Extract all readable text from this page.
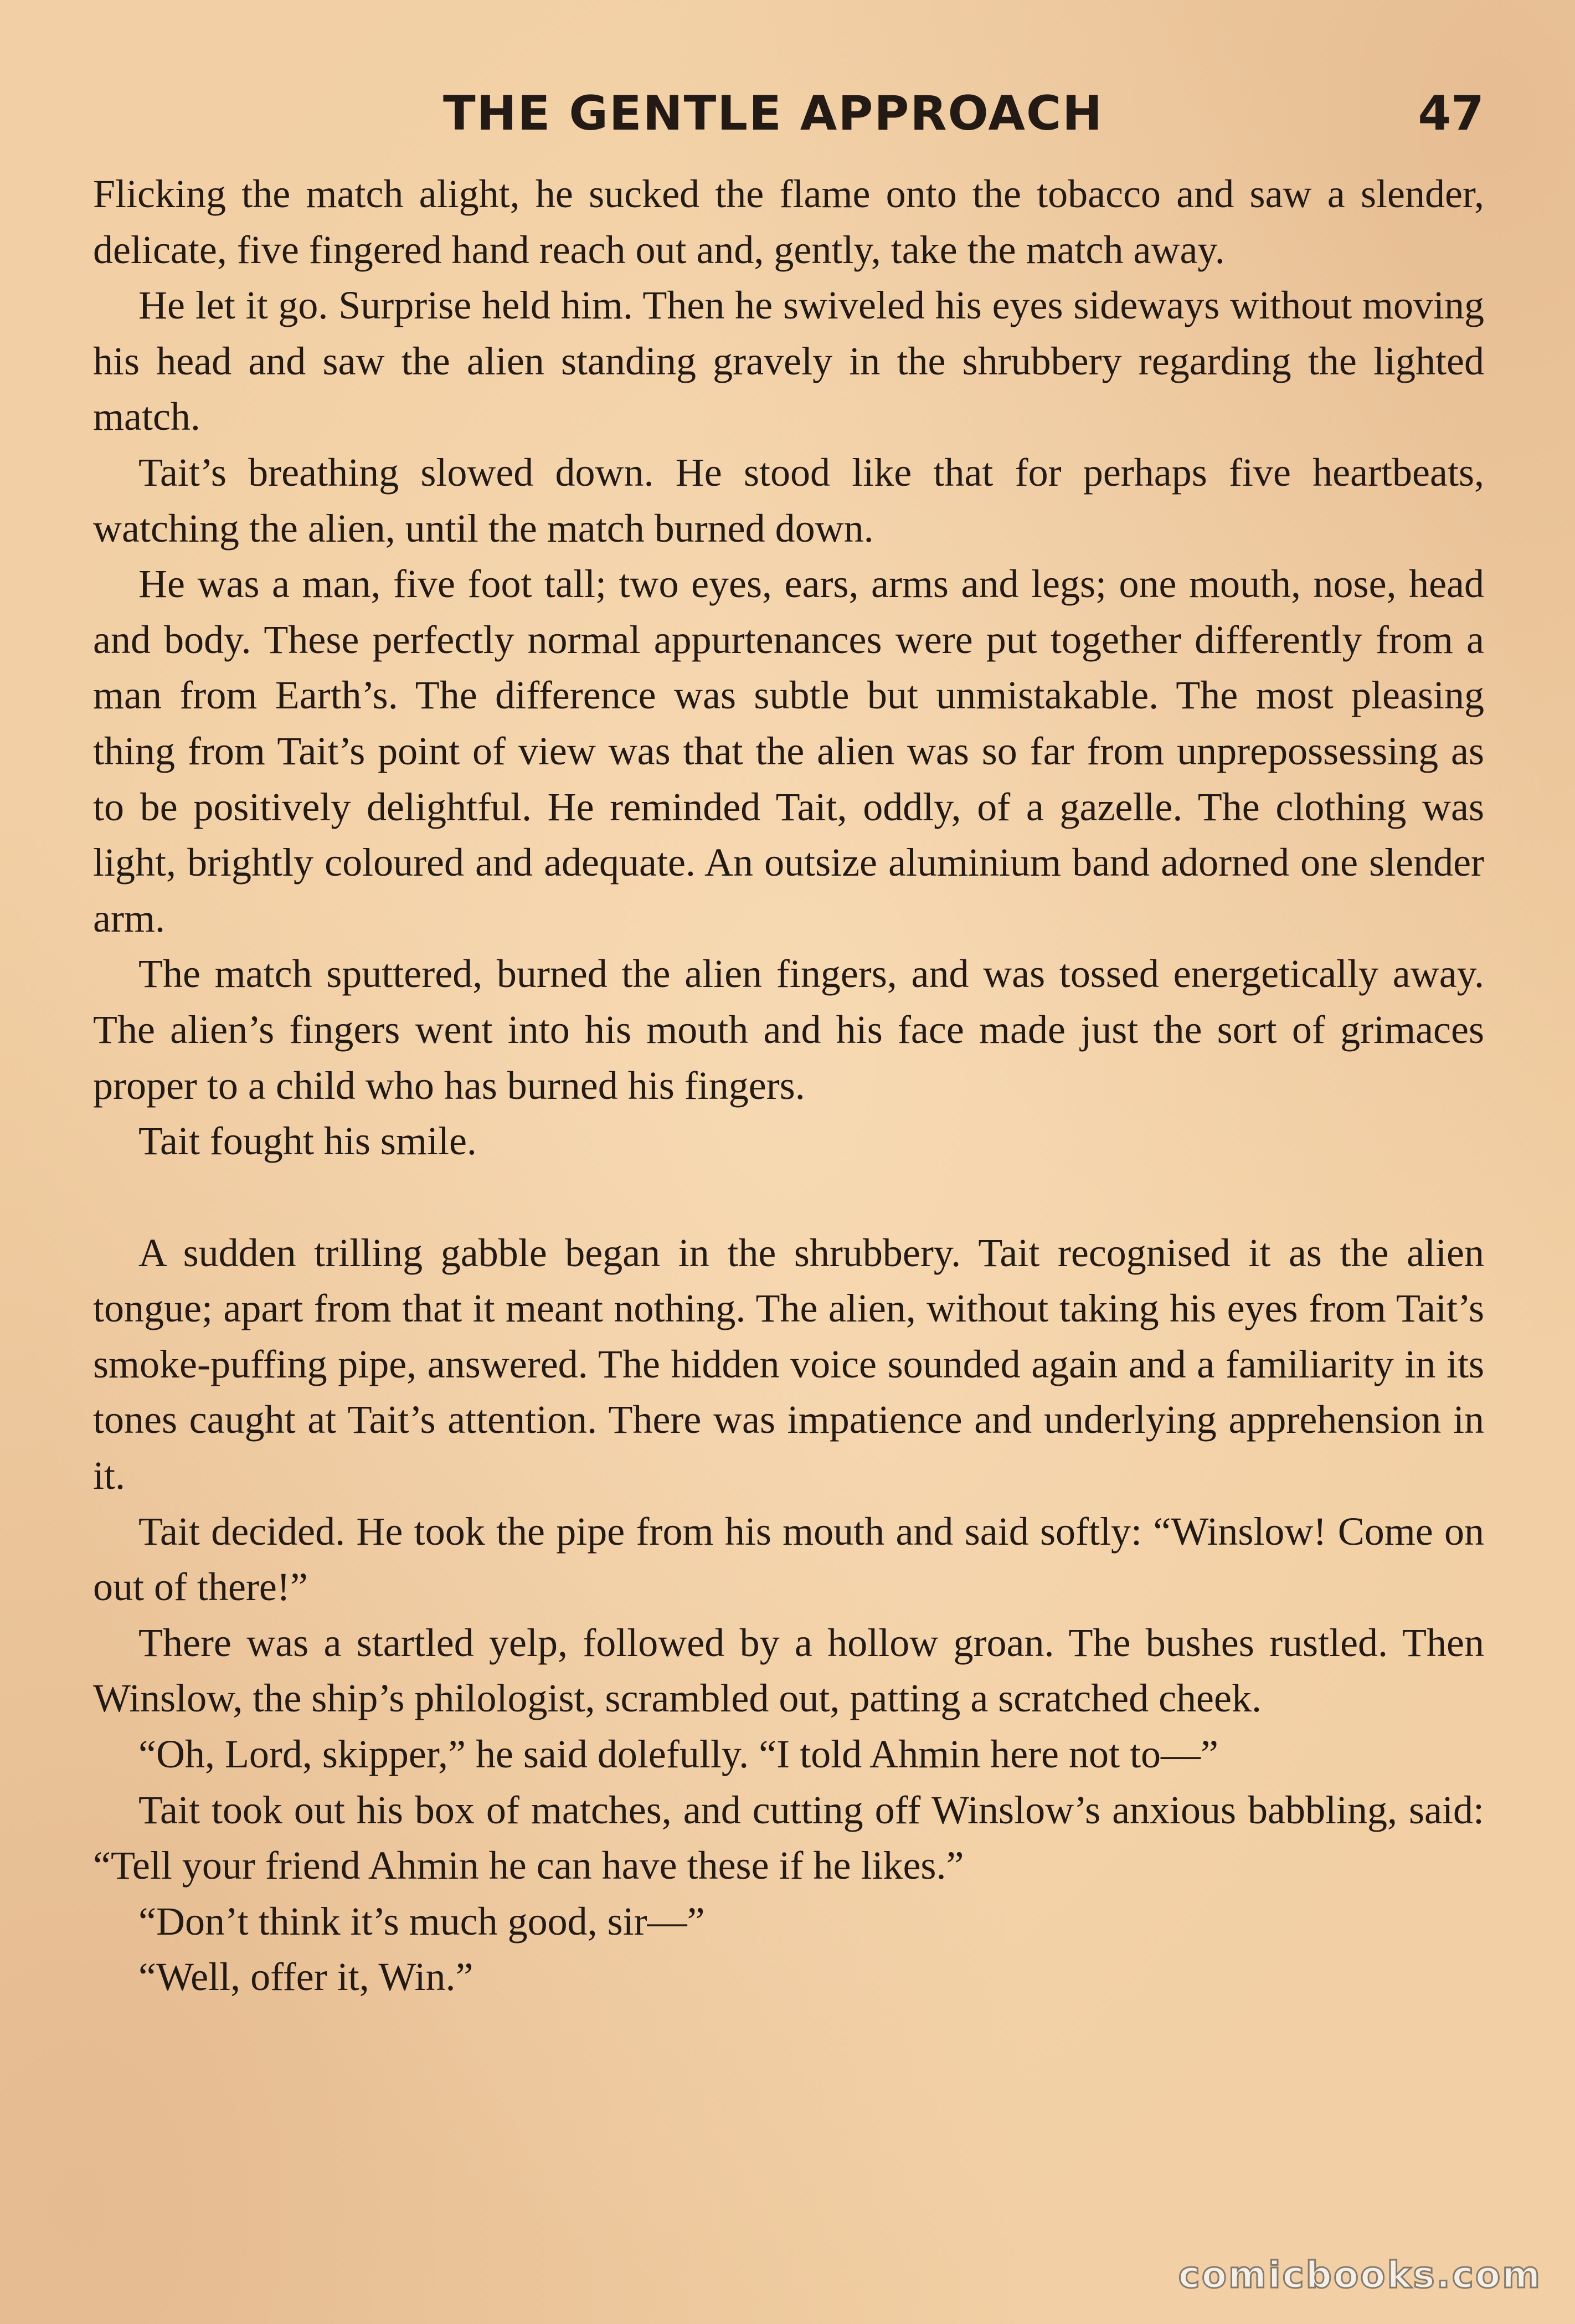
THE GENTLE APPROACH	47

Flicking the match alight, he sucked the flame onto the tobacco and saw a slender, delicate, five fingered hand reach out and, gently, take the match away.

He let it go. Surprise held him. Then he swiveled his eyes sideways without moving his head and saw the alien standing gravely in the shrubbery regarding the lighted match.

Tait’s breathing slowed down. He stood like that for perhaps five heartbeats, watching the alien, until the match burned down.

He was a man, five foot tall; two eyes, ears, arms and legs; one mouth, nose, head and body. These perfectly normal appurtenances were put together differently from a man from Earth’s. The difference was subtle but unmistakable. The most pleasing thing from Tait’s point of view was that the alien was so far from unprepossessing as to be positively delightful. He reminded Tait, oddly, of a gazelle. The clothing was light, brightly coloured and adequate. An outsize aluminium band adorned one slender arm.

The match sputtered, burned the alien fingers, and was tossed energetically away. The alien’s fingers went into his mouth and his face made just the sort of grimaces proper to a child who has burned his fingers.

Tait fought his smile.

A sudden trilling gabble began in the shrubbery. Tait recognised it as the alien tongue; apart from that it meant nothing. The alien, without taking his eyes from Tait’s smoke-puffing pipe, answered. The hidden voice sounded again and a familiarity in its tones caught at Tait’s attention. There was impatience and underlying apprehension in it.

Tait decided. He took the pipe from his mouth and said softly: “Winslow! Come on out of there!”

There was a startled yelp, followed by a hollow groan. The bushes rustled. Then Winslow, the ship’s philologist, scrambled out, patting a scratched cheek.

“Oh, Lord, skipper,” he said dolefully. “I told Ahmin here not to—”

Tait took out his box of matches, and cutting off Winslow’s anxious babbling, said: “Tell your friend Ahmin he can have these if he likes.”

“Don’t think it’s much good, sir—”

“Well, offer it, Win.”

comicbooks.com
